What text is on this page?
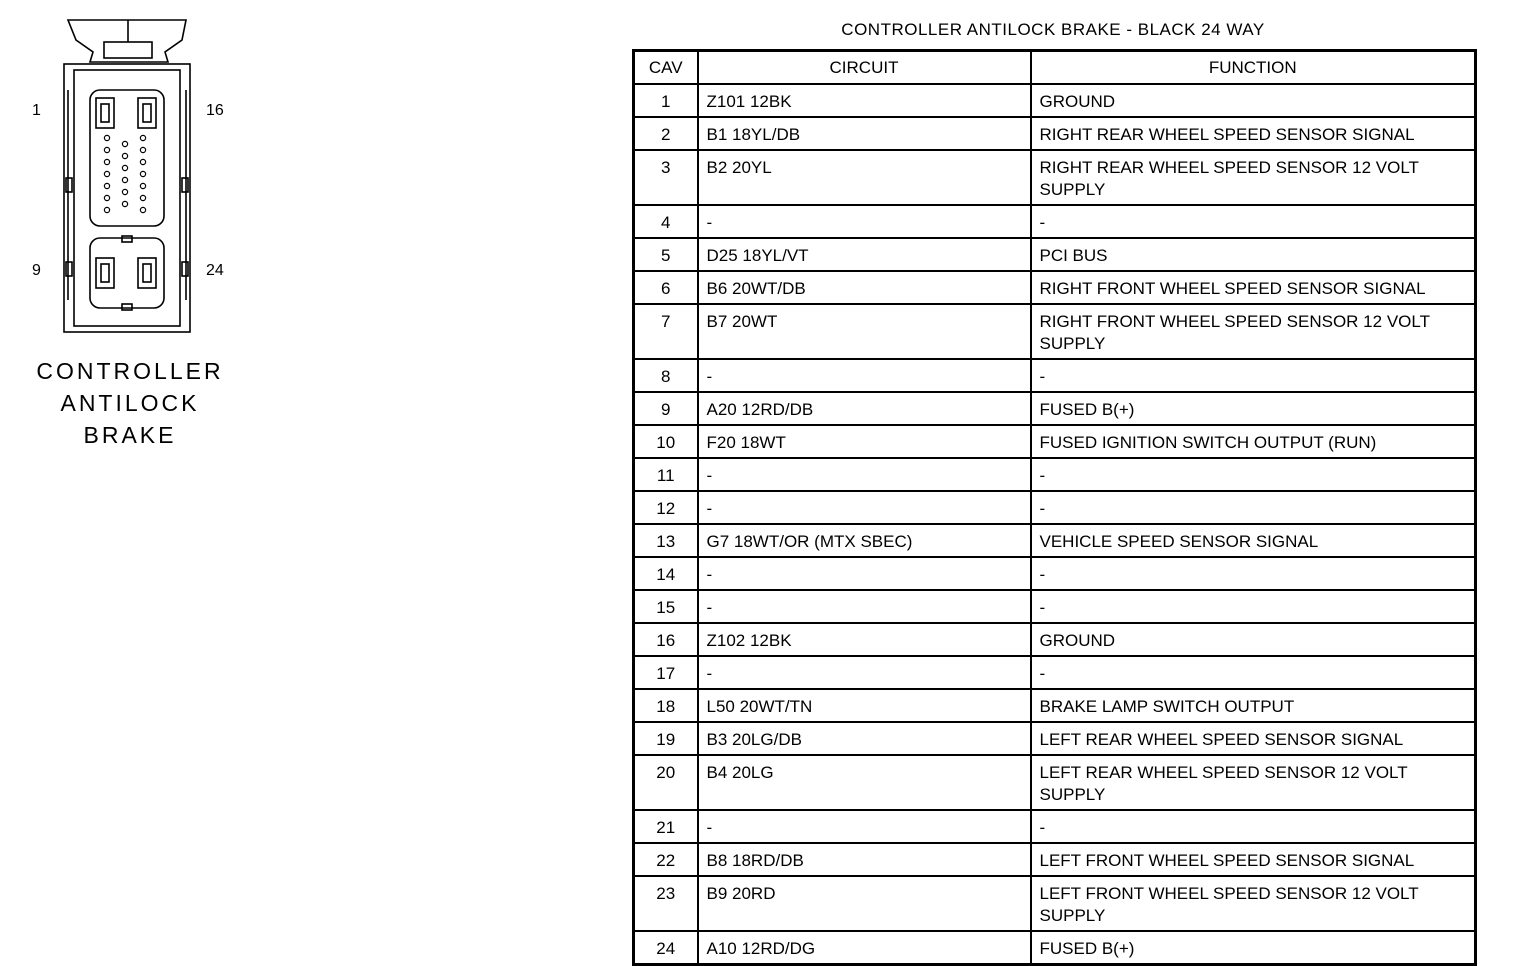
1	16
9	24
CONTROLLER
ANTILOCK
BRAKE
CONTROLLER ANTILOCK BRAKE - BLACK 24 WAY
CAV	CIRCUIT	FUNCTION
1	Z101 12BK	GROUND
2	B1 18YL/DB	RIGHT REAR WHEEL SPEED SENSOR SIGNAL
3	B2 20YL	RIGHT REAR WHEEL SPEED SENSOR 12 VOLT SUPPLY
4	-	-
5	D25 18YL/VT	PCI BUS
6	B6 20WT/DB	RIGHT FRONT WHEEL SPEED SENSOR SIGNAL
7	B7 20WT	RIGHT FRONT WHEEL SPEED SENSOR 12 VOLT SUPPLY
8	-	-
9	A20 12RD/DB	FUSED B(+)
10	F20 18WT	FUSED IGNITION SWITCH OUTPUT (RUN)
11	-	-
12	-	-
13	G7 18WT/OR (MTX SBEC)	VEHICLE SPEED SENSOR SIGNAL
14	-	-
15	-	-
16	Z102 12BK	GROUND
17	-	-
18	L50 20WT/TN	BRAKE LAMP SWITCH OUTPUT
19	B3 20LG/DB	LEFT REAR WHEEL SPEED SENSOR SIGNAL
20	B4 20LG	LEFT REAR WHEEL SPEED SENSOR 12 VOLT SUPPLY
21	-	-
22	B8 18RD/DB	LEFT FRONT WHEEL SPEED SENSOR SIGNAL
23	B9 20RD	LEFT FRONT WHEEL SPEED SENSOR 12 VOLT SUPPLY
24	A10 12RD/DG	FUSED B(+)
